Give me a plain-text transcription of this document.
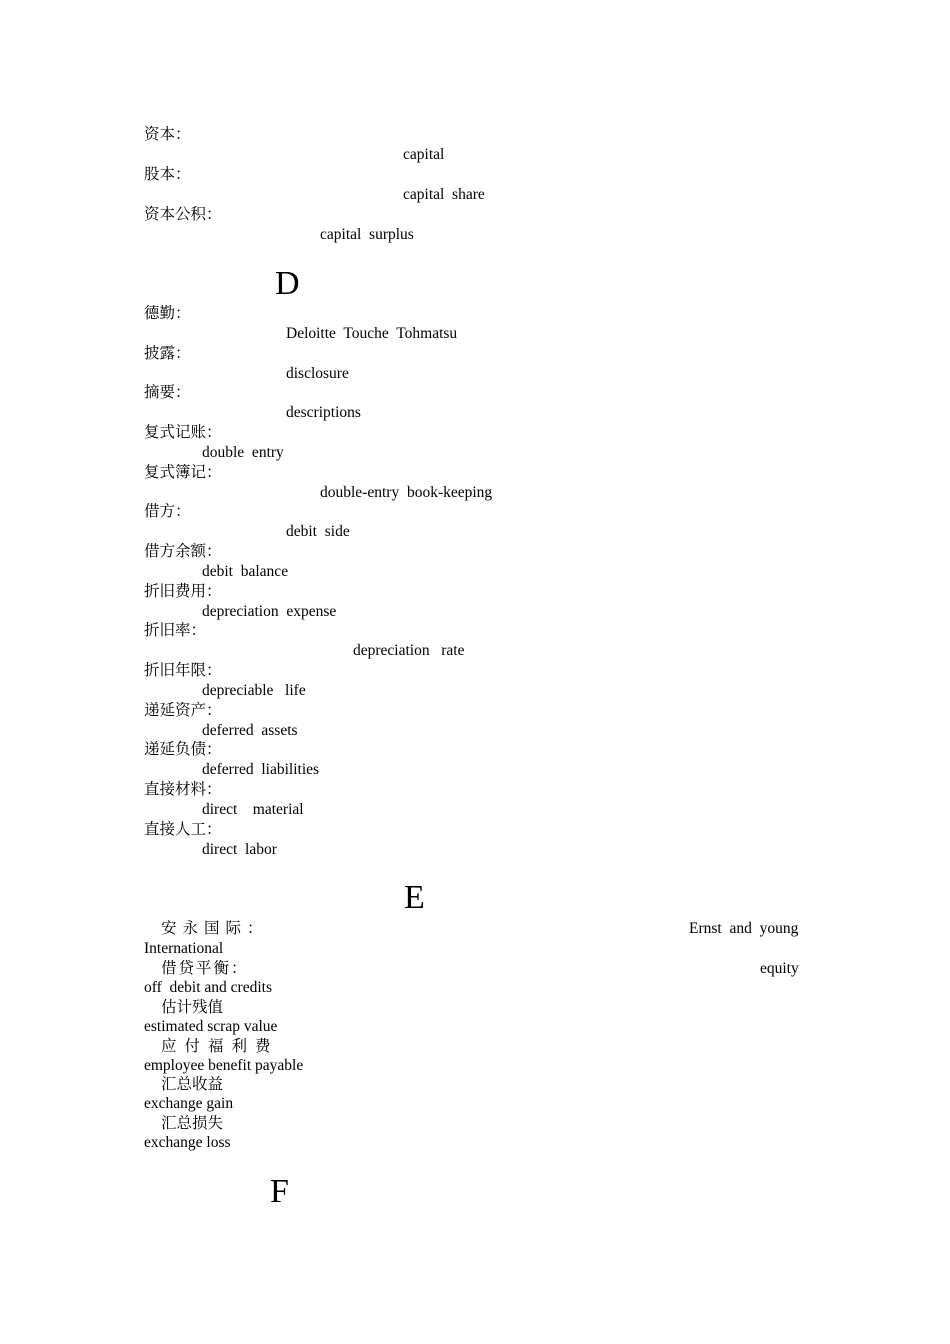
资本：
capital
股本：
capital  share
资本公积：
capital  surplus
D
德勤：
Deloitte  Touche  Tohmatsu
披露：
disclosure
摘要：
descriptions
复式记账：
double  entry
复式簿记：
double-entry  book-keeping
借方：
debit  side
借方余额：
debit  balance
折旧费用：
depreciation  expense
折旧率：
depreciation   rate
折旧年限：
depreciable   life
递延资产：
deferred  assets
递延负债：
deferred  liabilities
直接材料：
direct    material
直接人工：
direct  labor
E
安永国际：	Ernst  and  young
International
借贷平衡：	equity
off  debit and credits
估计残值
estimated scrap value
应付福利费
employee benefit payable
汇总收益
exchange gain
汇总损失
exchange loss
F
